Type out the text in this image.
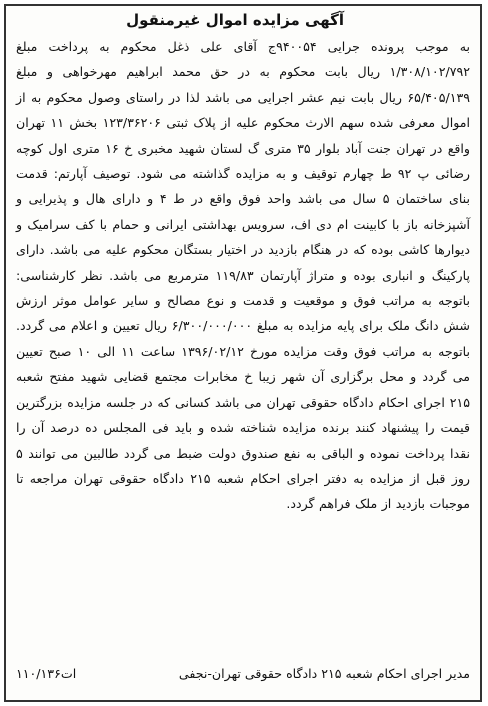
آگهی مزایده اموال غیرمنقول
به موجب پرونده جرایی ۹۴۰۰۵۴ج آقای علی ذغل محکوم به پرداخت مبلغ ۱/۳۰۸/۱۰۲/۷۹۲ ریال بابت محکوم به در حق محمد ابراهیم مهرخواهی و مبلغ ۶۵/۴۰۵/۱۳۹ ریال بابت نیم عشر اجرایی می باشد لذا در راستای وصول محکوم به از اموال معرفی شده سهم الارث محکوم علیه از پلاک ثبتی ۱۲۳/۳۶۲۰۶ بخش ۱۱ تهران واقع در تهران جنت آباد بلوار ۳۵ متری گ لستان شهید مخبری خ ۱۶ متری اول کوچه رضائی پ ۹۲ ط چهارم توقیف و به مزایده گذاشته می شود. توصیف آپارتم: قدمت بنای ساختمان ۵ سال می باشد واحد فوق واقع در ط ۴ و دارای هال و پذیرایی و آشپزخانه باز با کابینت ام دی اف، سرویس بهداشتی ایرانی و حمام با کف سرامیک و دیوارها کاشی بوده که در هنگام بازدید در اختیار بستگان محکوم علیه می باشد. دارای پارکینگ و انباری بوده و متراژ آپارتمان ۱۱۹/۸۳ مترمربع می باشد. نظر کارشناسی: باتوجه به مراتب فوق و موقعیت و قدمت و نوع مصالح و سایر عوامل موثر ارزش شش دانگ ملک برای پایه مزایده به مبلغ ۶/۳۰۰/۰۰۰/۰۰۰ ریال تعیین و اعلام می گردد. باتوجه به مراتب فوق وقت مزایده مورخ ۱۳۹۶/۰۲/۱۲ ساعت ۱۱ الی ۱۰ صبح تعیین می گردد و محل برگزاری آن شهر زیبا خ مخابرات مجتمع قضایی شهید مفتح شعبه ۲۱۵ اجرای احکام دادگاه حقوقی تهران می باشد کسانی که در جلسه مزایده بزرگترین قیمت را پیشنهاد کنند برنده مزایده شناخته شده و باید فی المجلس ده درصد آن را نقدا پرداخت نموده و الباقی به نفع صندوق دولت ضبط می گردد طالبین می توانند ۵ روز قبل از مزایده به دفتر اجرای احکام شعبه ۲۱۵ دادگاه حقوقی تهران مراجعه تا موجبات بازدید از ملک فراهم گردد.
مدیر اجرای احکام شعبه ۲۱۵ دادگاه حقوقی تهران-نجفی
۱۱۰/۱۳۶ات
